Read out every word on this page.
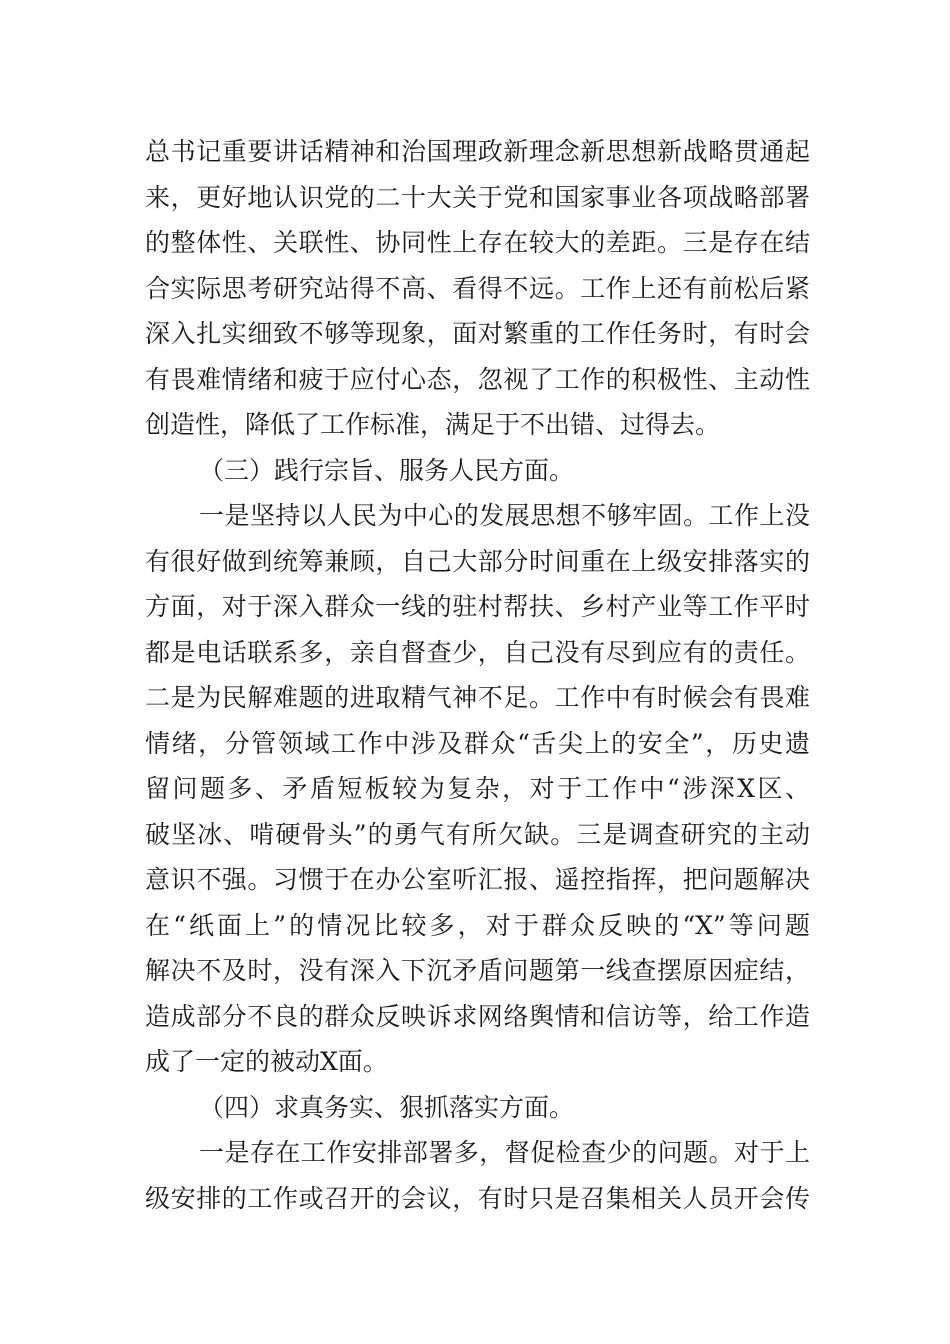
总书记重要讲话精神和治国理政新理念新思想新战略贯通起
来，更好地认识党的二十大关于党和国家事业各项战略部署
的整体性、关联性、协同性上存在较大的差距。三是存在结
合实际思考研究站得不高、看得不远。工作上还有前松后紧
深入扎实细致不够等现象，面对繁重的工作任务时，有时会
有畏难情绪和疲于应付心态，忽视了工作的积极性、主动性
创造性，降低了工作标准，满足于不出错、过得去。
（三）践行宗旨、服务人民方面。
一是坚持以人民为中心的发展思想不够牢固。工作上没
有很好做到统筹兼顾，自己大部分时间重在上级安排落实的
方面，对于深入群众一线的驻村帮扶、乡村产业等工作平时
都是电话联系多，亲自督查少，自己没有尽到应有的责任。
二是为民解难题的进取精气神不足。工作中有时候会有畏难
情绪，分管领域工作中涉及群众“舌尖上的安全”，历史遗
留问题多、矛盾短板较为复杂，对于工作中“涉深X区、
破坚冰、啃硬骨头”的勇气有所欠缺。三是调查研究的主动
意识不强。习惯于在办公室听汇报、遥控指挥，把问题解决
在“纸面上”的情况比较多，对于群众反映的“X”等问题
解决不及时，没有深入下沉矛盾问题第一线查摆原因症结，
造成部分不良的群众反映诉求网络舆情和信访等，给工作造
成了一定的被动X面。
（四）求真务实、狠抓落实方面。
一是存在工作安排部署多，督促检查少的问题。对于上
级安排的工作或召开的会议，有时只是召集相关人员开会传
